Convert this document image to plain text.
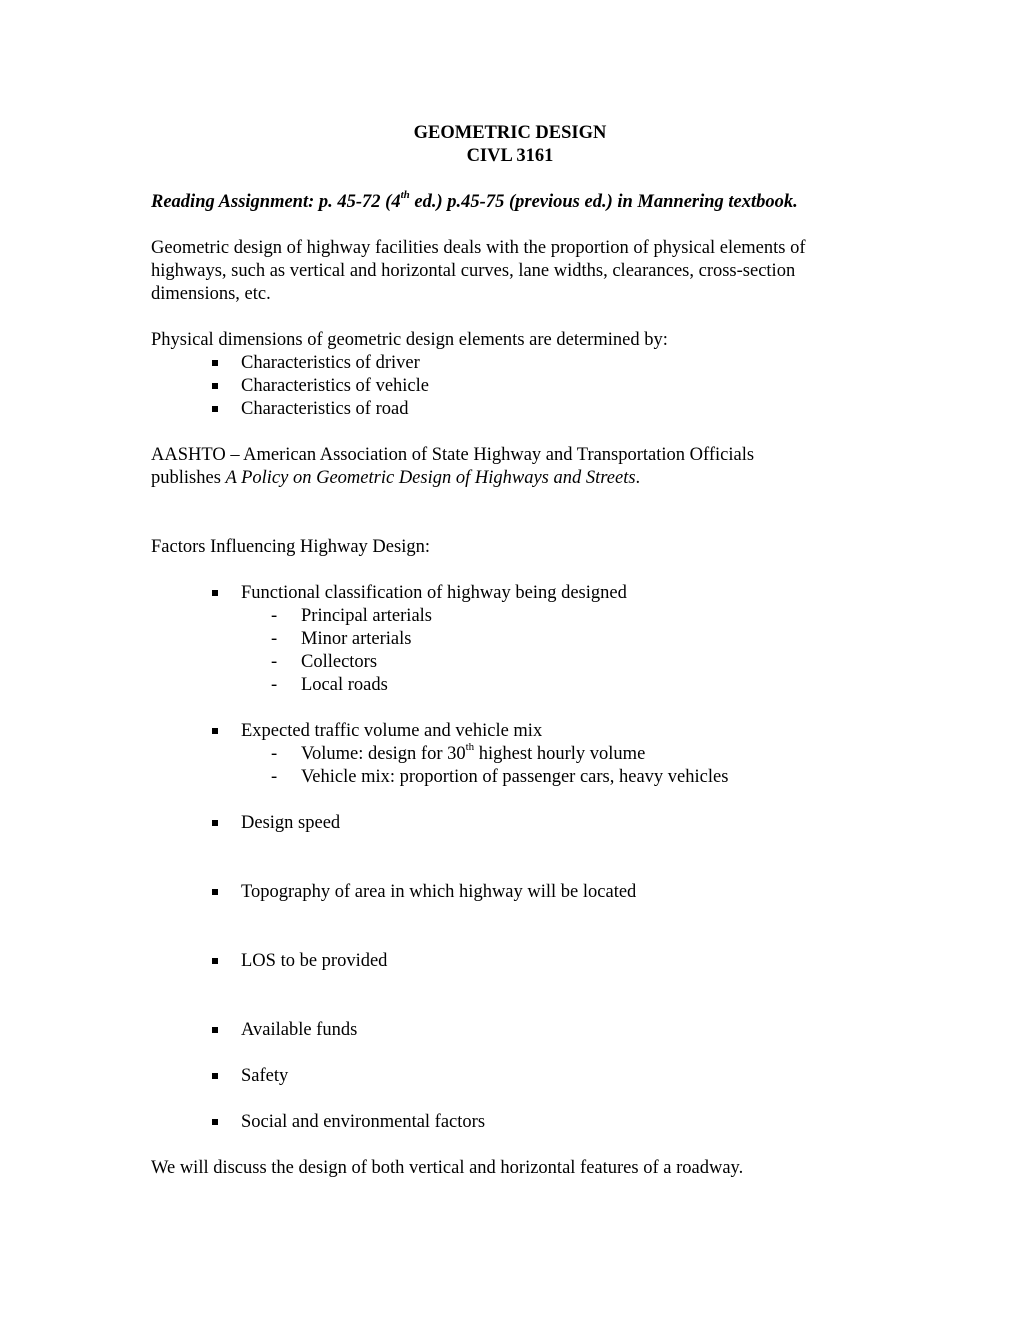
GEOMETRIC DESIGN
CIVL 3161
Reading Assignment: p. 45-72 (4th ed.) p.45-75 (previous ed.) in Mannering textbook.
Geometric design of highway facilities deals with the proportion of physical elements of
highways, such as vertical and horizontal curves, lane widths, clearances, cross-section
dimensions, etc.
Physical dimensions of geometric design elements are determined by:
Characteristics of driver
Characteristics of vehicle
Characteristics of road
AASHTO – American Association of State Highway and Transportation Officials
publishes A Policy on Geometric Design of Highways and Streets.
Factors Influencing Highway Design:
Functional classification of highway being designed
- Principal arterials
- Minor arterials
- Collectors
- Local roads
Expected traffic volume and vehicle mix
- Volume: design for 30th highest hourly volume
- Vehicle mix: proportion of passenger cars, heavy vehicles
Design speed
Topography of area in which highway will be located
LOS to be provided
Available funds
Safety
Social and environmental factors
We will discuss the design of both vertical and horizontal features of a roadway.
